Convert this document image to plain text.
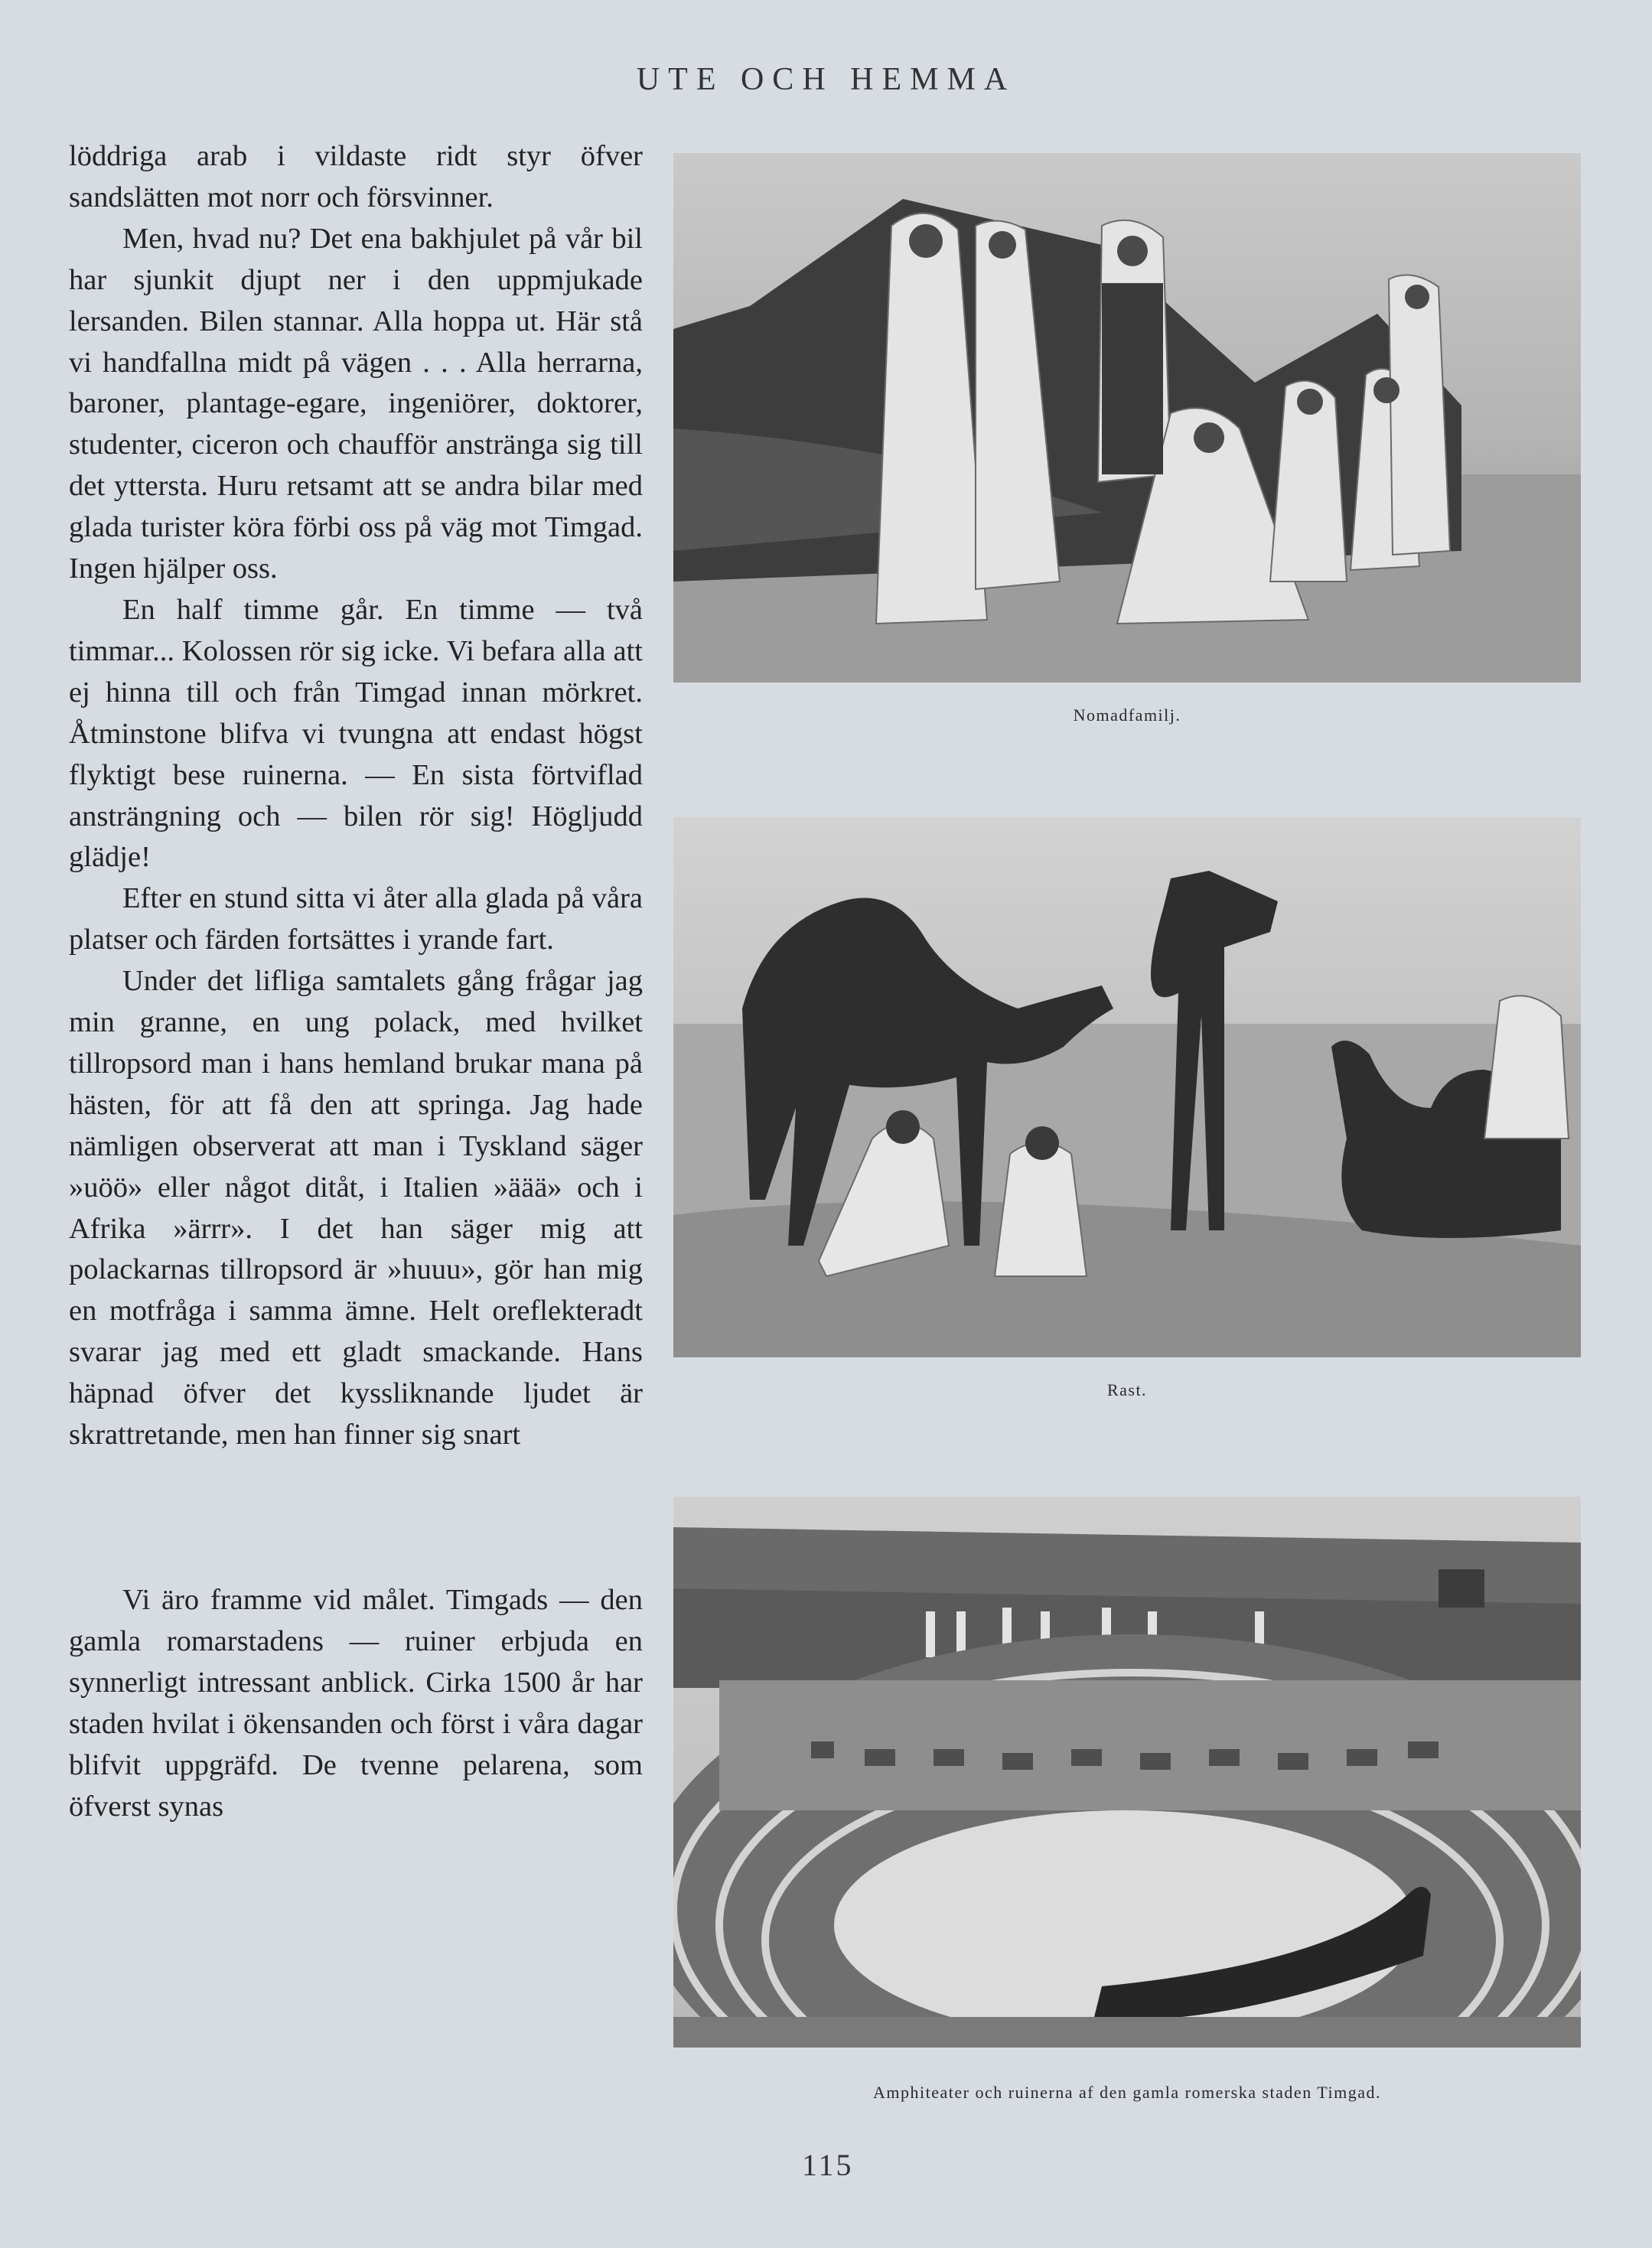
UTE OCH HEMMA

löddriga arab i vildaste ridt styr öfver sandslätten mot norr och försvinner.

Men, hvad nu? Det ena bakhjulet på vår bil har sjunkit djupt ner i den uppmjukade lersanden. Bilen stannar. Alla hoppa ut. Här stå vi handfallna midt på vägen . . . Alla herrarna, baroner, plantage-egare, ingeniörer, doktorer, studenter, ciceron och chaufför anstränga sig till det yttersta. Huru retsamt att se andra bilar med glada turister köra förbi oss på väg mot Timgad. Ingen hjälper oss.

En half timme går. En timme — två timmar... Kolossen rör sig icke. Vi befara alla att ej hinna till och från Timgad innan mörkret. Åtminstone blifva vi tvungna att endast högst flyktigt bese ruinerna. — En sista förtviflad ansträngning och — bilen rör sig! Högljudd glädje!

Efter en stund sitta vi åter alla glada på våra platser och färden fortsättes i yrande fart.

Under det lifliga samtalets gång frågar jag min granne, en ung polack, med hvilket tillropsord man i hans hemland brukar mana på hästen, för att få den att springa. Jag hade nämligen observerat att man i Tyskland säger »uöö» eller något ditåt, i Italien »äää» och i Afrika »ärrr». I det han säger mig att polackarnas tillropsord är »huuu», gör han mig en motfråga i samma ämne. Helt oreflekteradt svarar jag med ett gladt smackande. Hans häpnad öfver det kyssliknande ljudet är skrattretande, men han finner sig snart

Vi äro framme vid målet. Timgads — den gamla romarstadens — ruiner erbjuda en synnerligt intressant anblick. Cirka 1500 år har staden hvilat i ökensanden och först i våra dagar blifvit uppgräfd. De tvenne pelarena, som öfverst synas

Nomadfamilj.
Rast.
Amphiteater och ruinerna af den gamla romerska staden Timgad.
115
